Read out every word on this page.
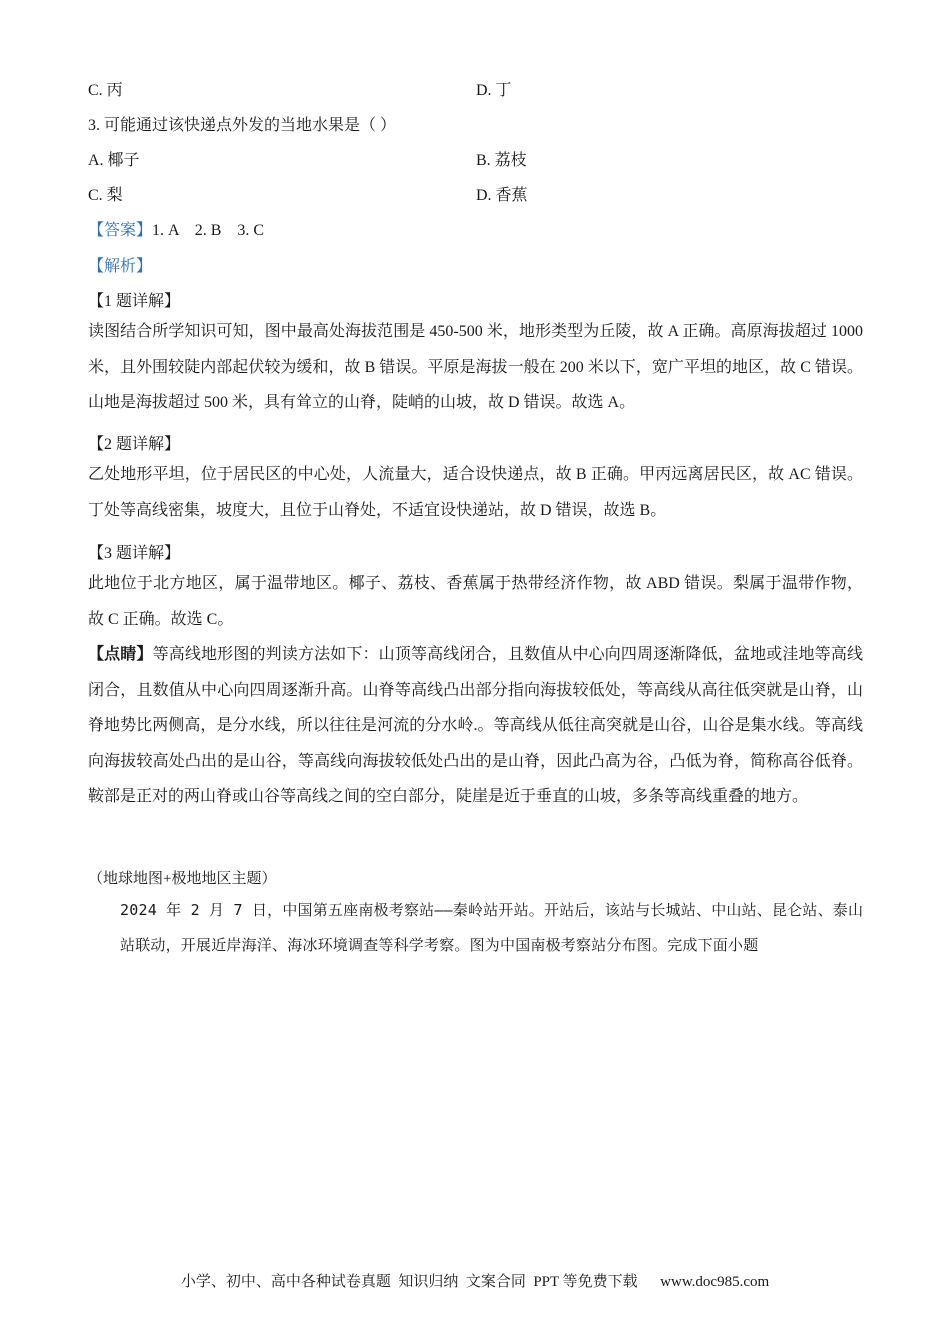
C. 丙	D. 丁
3. 可能通过该快递点外发的当地水果是（ ）
A. 椰子	B. 荔枝
C. 梨	D. 香蕉
【答案】1. A    2. B    3. C
【解析】
【1 题详解】
读图结合所学知识可知，图中最高处海拔范围是 450-500 米，地形类型为丘陵，故 A 正确。高原海拔超过 1000 米，且外围较陡内部起伏较为缓和，故 B 错误。平原是海拔一般在 200 米以下，宽广平坦的地区，故 C 错误。山地是海拔超过 500 米，具有耸立的山脊，陡峭的山坡，故 D 错误。故选 A。
【2 题详解】
乙处地形平坦，位于居民区的中心处，人流量大，适合设快递点，故 B 正确。甲丙远离居民区，故 AC 错误。丁处等高线密集，坡度大，且位于山脊处，不适宜设快递站，故 D 错误，故选 B。
【3 题详解】
此地位于北方地区，属于温带地区。椰子、荔枝、香蕉属于热带经济作物，故 ABD 错误。梨属于温带作物，故 C 正确。故选 C。
【点睛】等高线地形图的判读方法如下：山顶等高线闭合，且数值从中心向四周逐渐降低，盆地或洼地等高线闭合，且数值从中心向四周逐渐升高。山脊等高线凸出部分指向海拔较低处，等高线从高往低突就是山脊，山脊地势比两侧高，是分水线，所以往往是河流的分水岭.。等高线从低往高突就是山谷，山谷是集水线。等高线向海拔较高处凸出的是山谷，等高线向海拔较低处凸出的是山脊，因此凸高为谷，凸低为脊，简称高谷低脊。鞍部是正对的两山脊或山谷等高线之间的空白部分，陡崖是近于垂直的山坡，多条等高线重叠的地方。
（地球地图+极地地区主题）
2024 年 2 月 7 日，中国第五座南极考察站——秦岭站开站。开站后，该站与长城站、中山站、昆仑站、泰山站联动，开展近岸海洋、海冰环境调查等科学考察。图为中国南极考察站分布图。完成下面小题
小学、初中、高中各种试卷真题  知识归纳  文案合同  PPT 等免费下载      www.doc985.com
